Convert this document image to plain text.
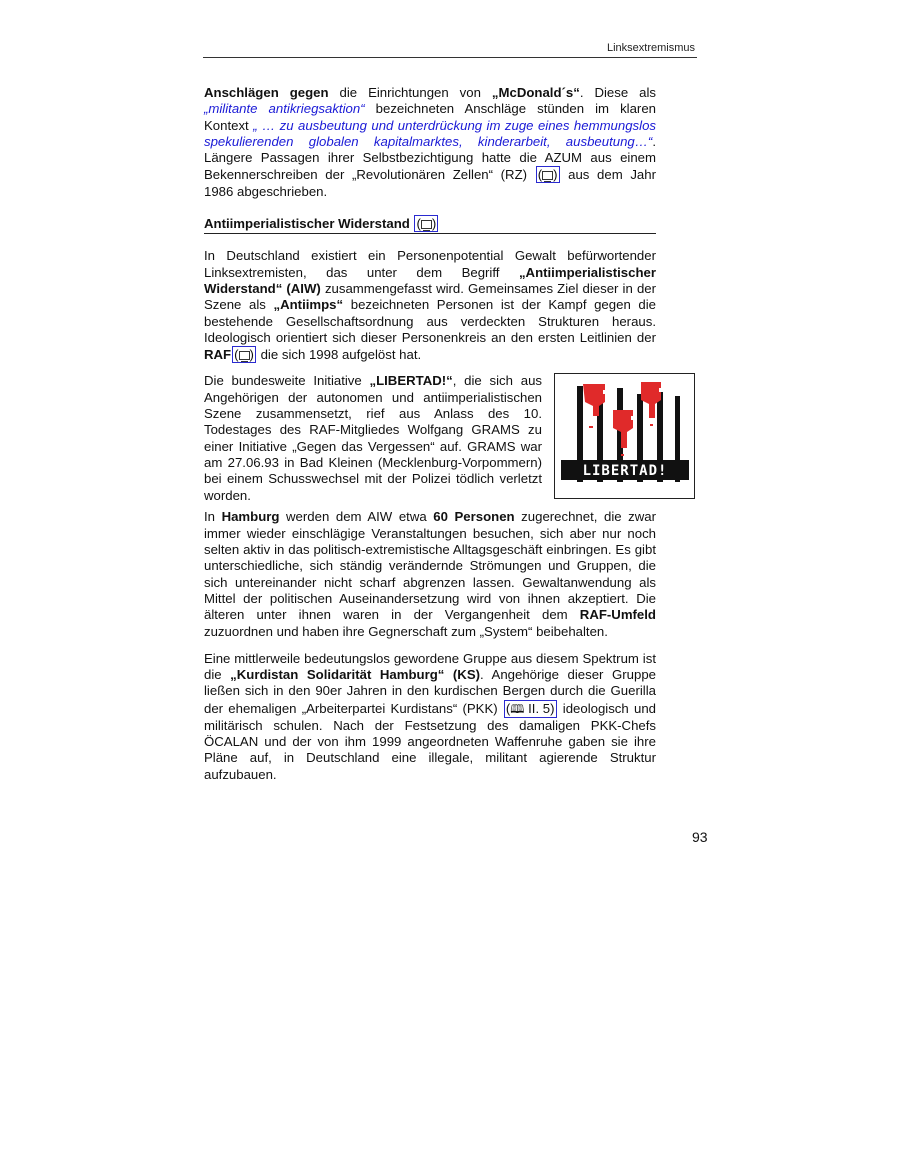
Linksextremismus

Anschlägen gegen die Einrichtungen von „McDonald´s“. Diese als „militante antikriegsaktion“ bezeichneten Anschläge stünden im klaren Kontext „ … zu ausbeutung und unterdrückung im zuge eines hemmungslos spekulierenden globalen kapitalmarktes, kinderarbeit, ausbeutung…“. Längere Passagen ihrer Selbstbezichtigung hatte die AZUM aus einem Bekennerschreiben der „Revolutionären Zellen“ (RZ) ( ) aus dem Jahr 1986 abgeschrieben.

Antiimperialistischer Widerstand ( )

In Deutschland existiert ein Personenpotential Gewalt befürwortender Linksextremisten, das unter dem Begriff „Antiimperialistischer Widerstand“ (AIW) zusammengefasst wird. Gemeinsames Ziel dieser in der Szene als „Antiimps“ bezeichneten Personen ist der Kampf gegen die bestehende Gesellschaftsordnung aus verdeckten Strukturen heraus. Ideologisch orientiert sich dieser Personenkreis an den ersten Leitlinien der RAF ( ) die sich 1998 aufgelöst hat.

Die bundesweite Initiative „LIBERTAD!“, die sich aus Angehörigen der autonomen und antiimperialistischen Szene zusammensetzt, rief aus Anlass des 10. Todestages des RAF-Mitgliedes Wolfgang GRAMS zu einer Initiative „Gegen das Vergessen“ auf. GRAMS war am 27.06.93 in Bad Kleinen (Mecklenburg-Vorpommern) bei einem Schusswechsel mit der Polizei tödlich verletzt worden.

LIBERTAD!

In Hamburg werden dem AIW etwa 60 Personen zugerechnet, die zwar immer wieder einschlägige Veranstaltungen besuchen, sich aber nur noch selten aktiv in das politisch-extremistische Alltagsgeschäft einbringen. Es gibt unterschiedliche, sich ständig verändernde Strömungen und Gruppen, die sich untereinander nicht scharf abgrenzen lassen. Gewaltanwendung als Mittel der politischen Auseinandersetzung wird von ihnen akzeptiert. Die älteren unter ihnen waren in der Vergangenheit dem RAF-Umfeld zuzuordnen und haben ihre Gegnerschaft zum „System“ beibehalten.

Eine mittlerweile bedeutungslos gewordene Gruppe aus diesem Spektrum ist die „Kurdistan Solidarität Hamburg“ (KS). Angehörige dieser Gruppe ließen sich in den 90er Jahren in den kurdischen Bergen durch die Guerilla der ehemaligen „Arbeiterpartei Kurdistans“ (PKK) (🕮 II. 5) ideologisch und militärisch schulen. Nach der Festsetzung des damaligen PKK-Chefs ÖCALAN und der von ihm 1999 angeordneten Waffenruhe gaben sie ihre Pläne auf, in Deutschland eine illegale, militant agierende Struktur aufzubauen.

93
